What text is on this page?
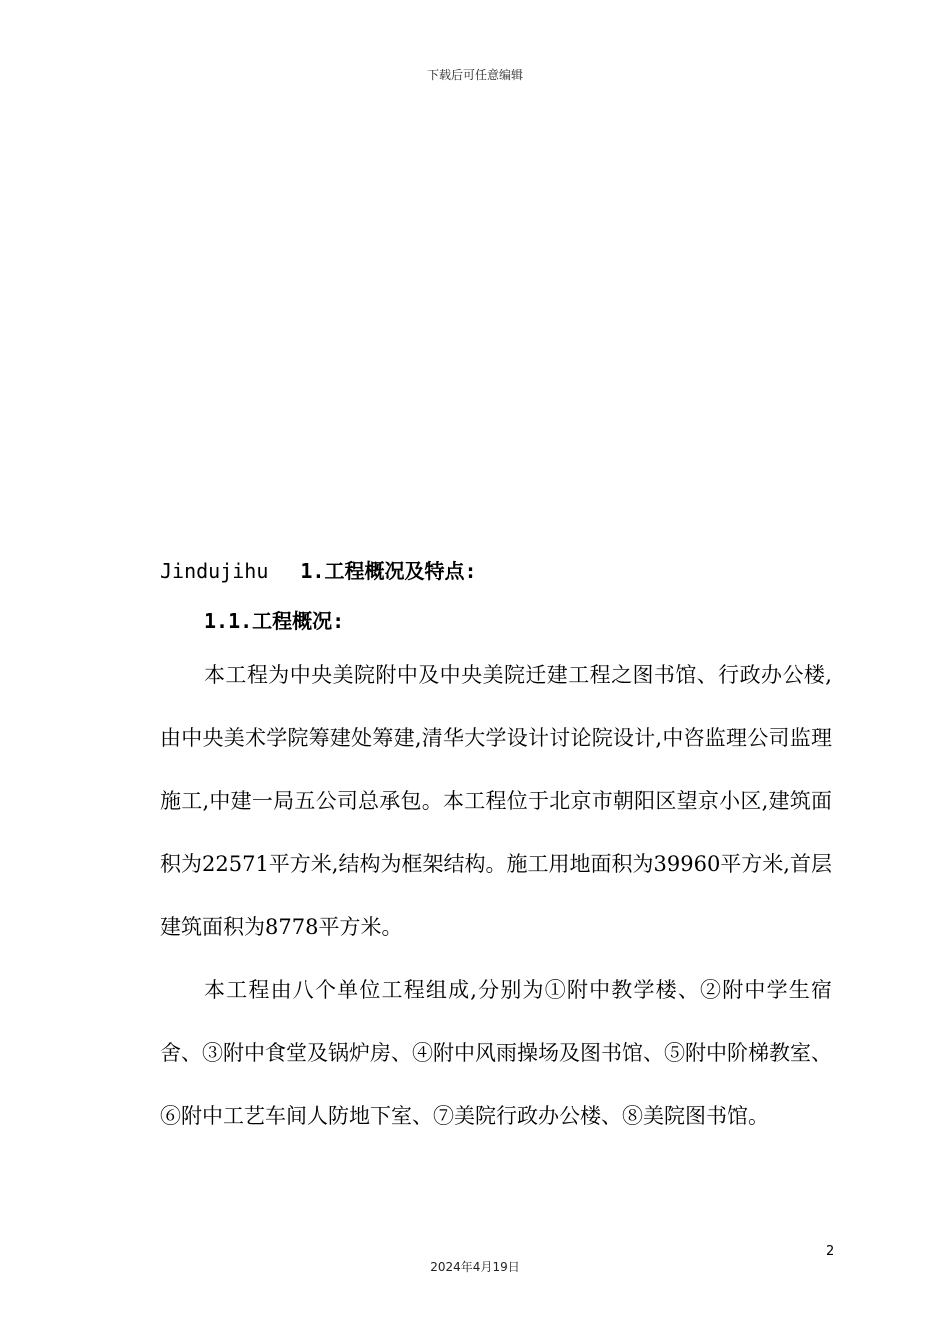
下载后可任意编辑
Jindujihu 1.工程概况及特点:
1.1.工程概况:

本工程为中央美院附中及中央美院迁建工程之图书馆、行政办公楼,由中央美术学院筹建处筹建,清华大学设计讨论院设计,中咨监理公司监理施工,中建一局五公司总承包。本工程位于北京市朝阳区望京小区,建筑面积为22571平方米,结构为框架结构。施工用地面积为39960平方米,首层建筑面积为8778平方米。

本工程由八个单位工程组成,分别为①附中教学楼、②附中学生宿舍、③附中食堂及锅炉房、④附中风雨操场及图书馆、⑤附中阶梯教室、⑥附中工艺车间人防地下室、⑦美院行政办公楼、⑧美院图书馆。

2
2024年4月19日
